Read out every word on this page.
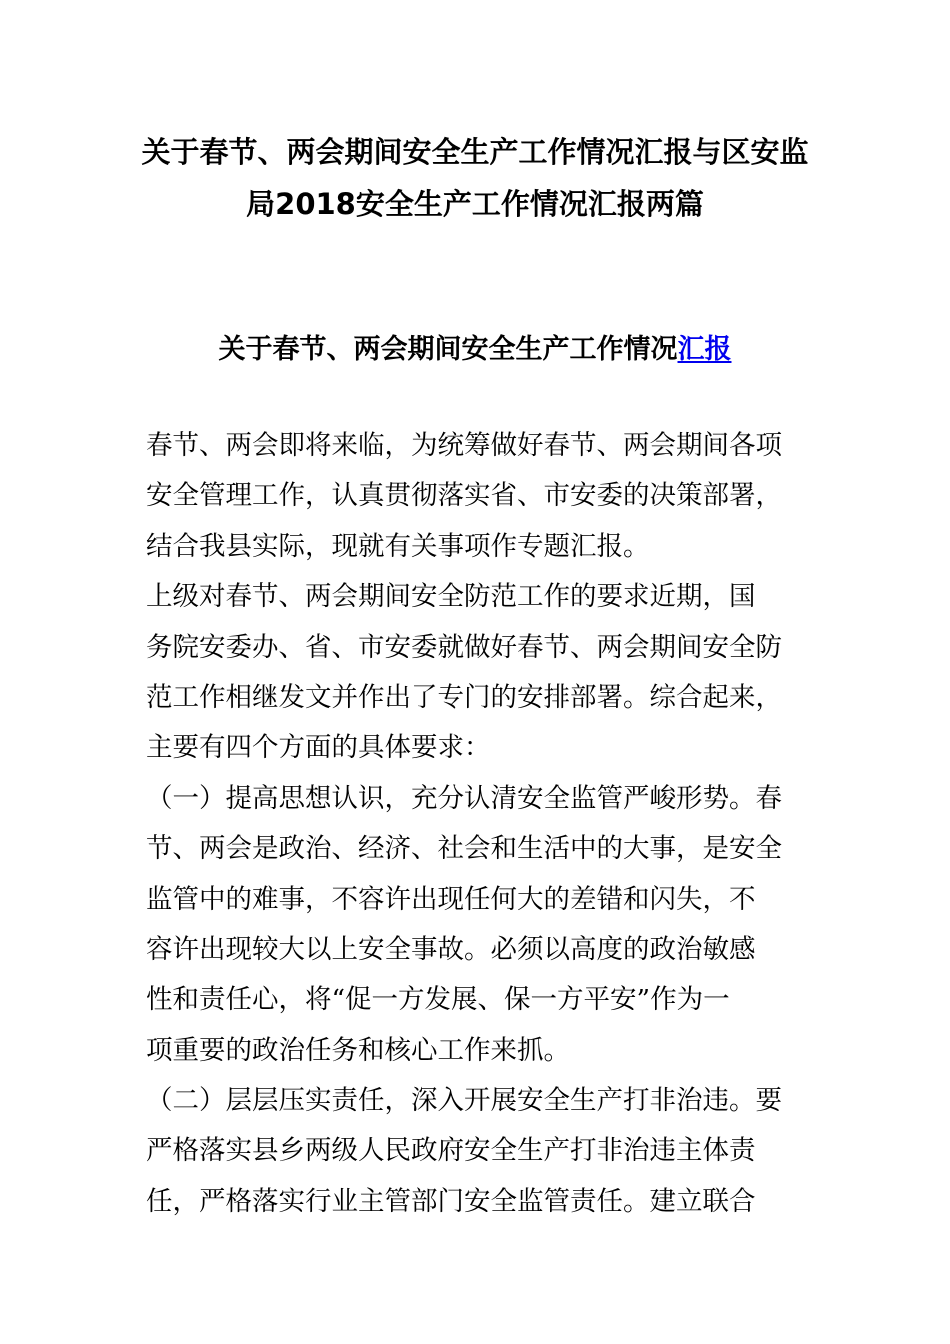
关于春节、两会期间安全生产工作情况汇报与区安监
局2018安全生产工作情况汇报两篇
关于春节、两会期间安全生产工作情况汇报
春节、两会即将来临，为统筹做好春节、两会期间各项
安全管理工作，认真贯彻落实省、市安委的决策部署，
结合我县实际，现就有关事项作专题汇报。
上级对春节、两会期间安全防范工作的要求近期，国
务院安委办、省、市安委就做好春节、两会期间安全防
范工作相继发文并作出了专门的安排部署。综合起来，
主要有四个方面的具体要求：
（一）提高思想认识，充分认清安全监管严峻形势。春
节、两会是政治、经济、社会和生活中的大事，是安全
监管中的难事，不容许出现任何大的差错和闪失，不
容许出现较大以上安全事故。必须以高度的政治敏感
性和责任心，将“促一方发展、保一方平安”作为一
项重要的政治任务和核心工作来抓。
（二）层层压实责任，深入开展安全生产打非治违。要
严格落实县乡两级人民政府安全生产打非治违主体责
任，严格落实行业主管部门安全监管责任。建立联合
